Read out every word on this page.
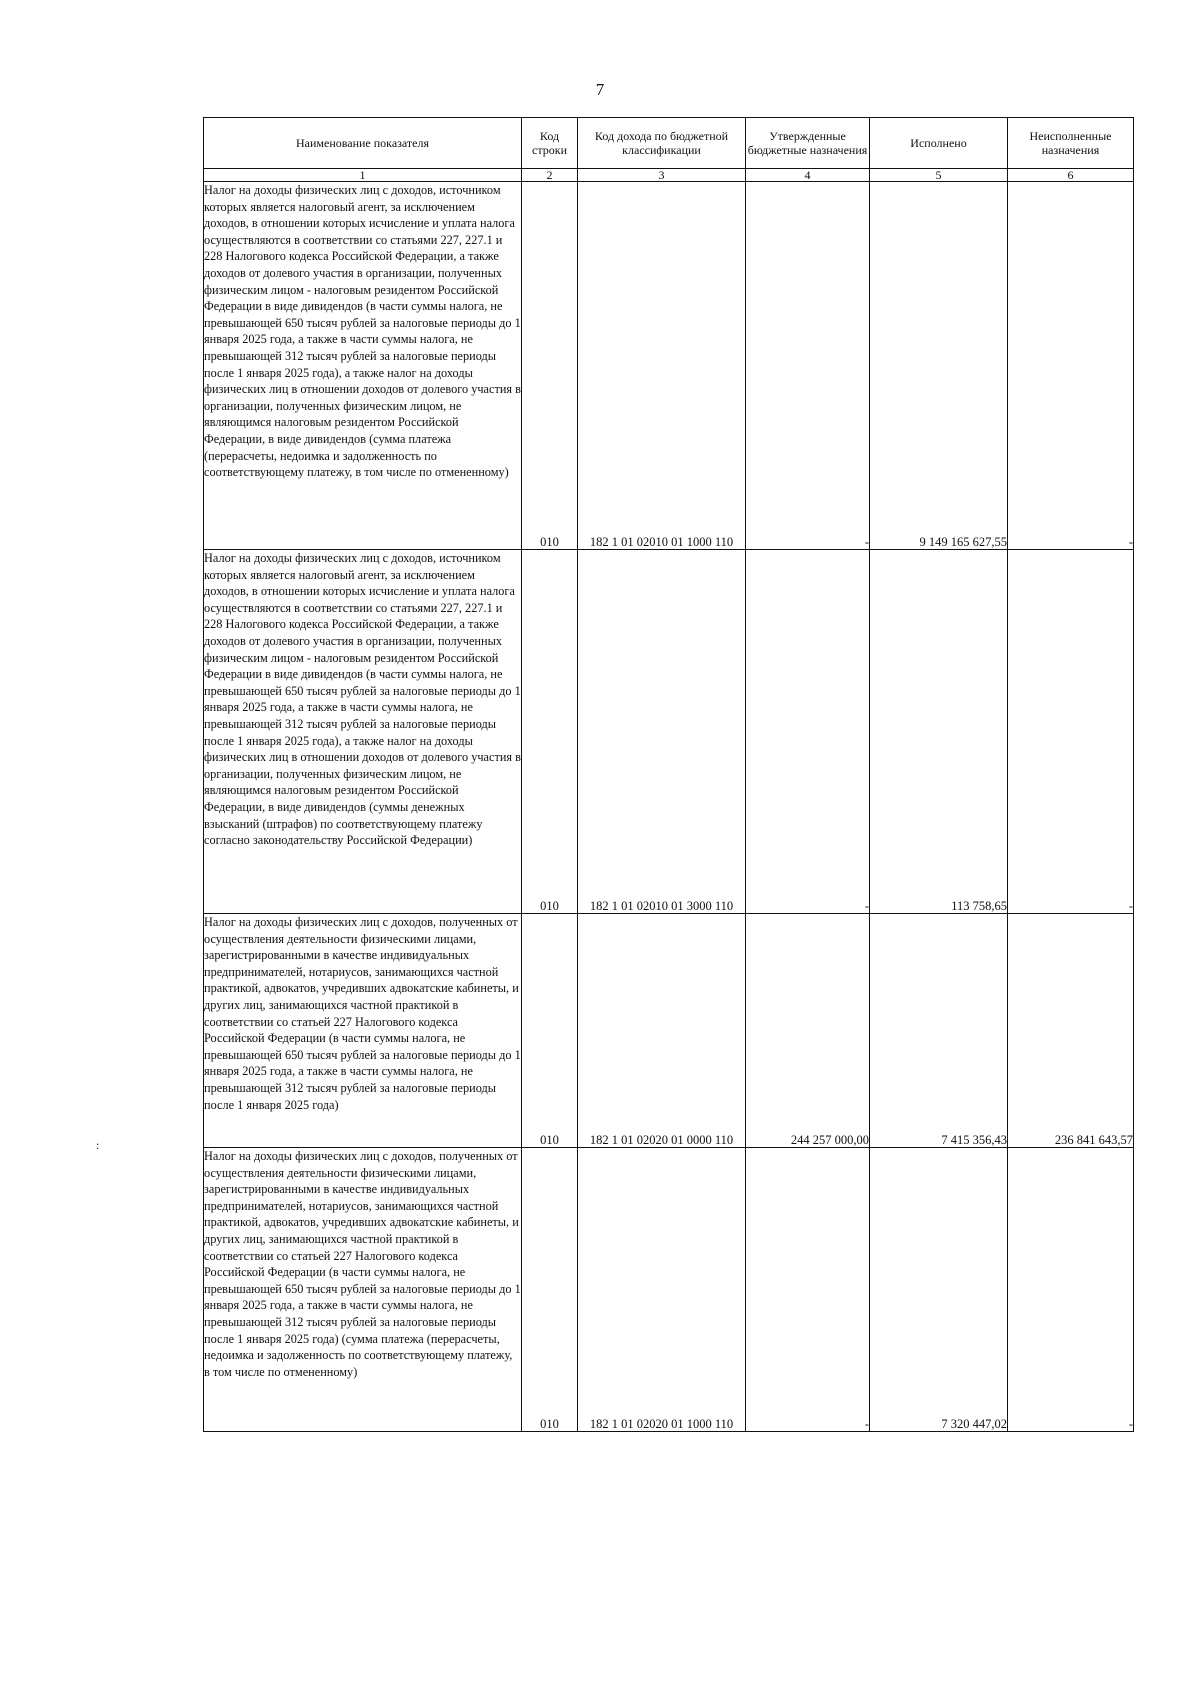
7
:
Наименование показателя	Код строки	Код дохода по бюджетной классификации	Утвержденные бюджетные назначения	Исполнено	Неисполненные назначения
1	2	3	4	5	6
Налог на доходы физических лиц с доходов, источником которых является налоговый агент, за исключением доходов, в отношении которых исчисление и уплата налога осуществляются в соответствии со статьями 227, 227.1 и 228 Налогового кодекса Российской Федерации, а также доходов от долевого участия в организации, полученных физическим лицом - налоговым резидентом Российской Федерации в виде дивидендов (в части суммы налога, не превышающей 650 тысяч рублей за налоговые периоды до 1 января 2025 года, а также в части суммы налога, не превышающей 312 тысяч рублей за налоговые периоды после 1 января 2025 года), а также налог на доходы физических лиц в отношении доходов от долевого участия в организации, полученных физическим лицом, не являющимся налоговым резидентом Российской Федерации, в виде дивидендов (сумма платежа (перерасчеты, недоимка и задолженность по соответствующему платежу, в том числе по отмененному)	010	182 1 01 02010 01 1000 110	-	9 149 165 627,55	-
Налог на доходы физических лиц с доходов, источником которых является налоговый агент, за исключением доходов, в отношении которых исчисление и уплата налога осуществляются в соответствии со статьями 227, 227.1 и 228 Налогового кодекса Российской Федерации, а также доходов от долевого участия в организации, полученных физическим лицом - налоговым резидентом Российской Федерации в виде дивидендов (в части суммы налога, не превышающей 650 тысяч рублей за налоговые периоды до 1 января 2025 года, а также в части суммы налога, не превышающей 312 тысяч рублей за налоговые периоды после 1 января 2025 года), а также налог на доходы физических лиц в отношении доходов от долевого участия в организации, полученных физическим лицом, не являющимся налоговым резидентом Российской Федерации, в виде дивидендов (суммы денежных взысканий (штрафов) по соответствующему платежу согласно законодательству Российской Федерации)	010	182 1 01 02010 01 3000 110	-	113 758,65	-
Налог на доходы физических лиц с доходов, полученных от осуществления деятельности физическими лицами, зарегистрированными в качестве индивидуальных предпринимателей, нотариусов, занимающихся частной практикой, адвокатов, учредивших адвокатские кабинеты, и других лиц, занимающихся частной практикой в соответствии со статьей 227 Налогового кодекса Российской Федерации (в части суммы налога, не превышающей 650 тысяч рублей за налоговые периоды до 1 января 2025 года, а также в части суммы налога, не превышающей 312 тысяч рублей за налоговые периоды после 1 января 2025 года)	010	182 1 01 02020 01 0000 110	244 257 000,00	7 415 356,43	236 841 643,57
Налог на доходы физических лиц с доходов, полученных от осуществления деятельности физическими лицами, зарегистрированными в качестве индивидуальных предпринимателей, нотариусов, занимающихся частной практикой, адвокатов, учредивших адвокатские кабинеты, и других лиц, занимающихся частной практикой в соответствии со статьей 227 Налогового кодекса Российской Федерации (в части суммы налога, не превышающей 650 тысяч рублей за налоговые периоды до 1 января 2025 года, а также в части суммы налога, не превышающей 312 тысяч рублей за налоговые периоды после 1 января 2025 года) (сумма платежа (перерасчеты, недоимка и задолженность по соответствующему платежу, в том числе по отмененному)	010	182 1 01 02020 01 1000 110	-	7 320 447,02	-
